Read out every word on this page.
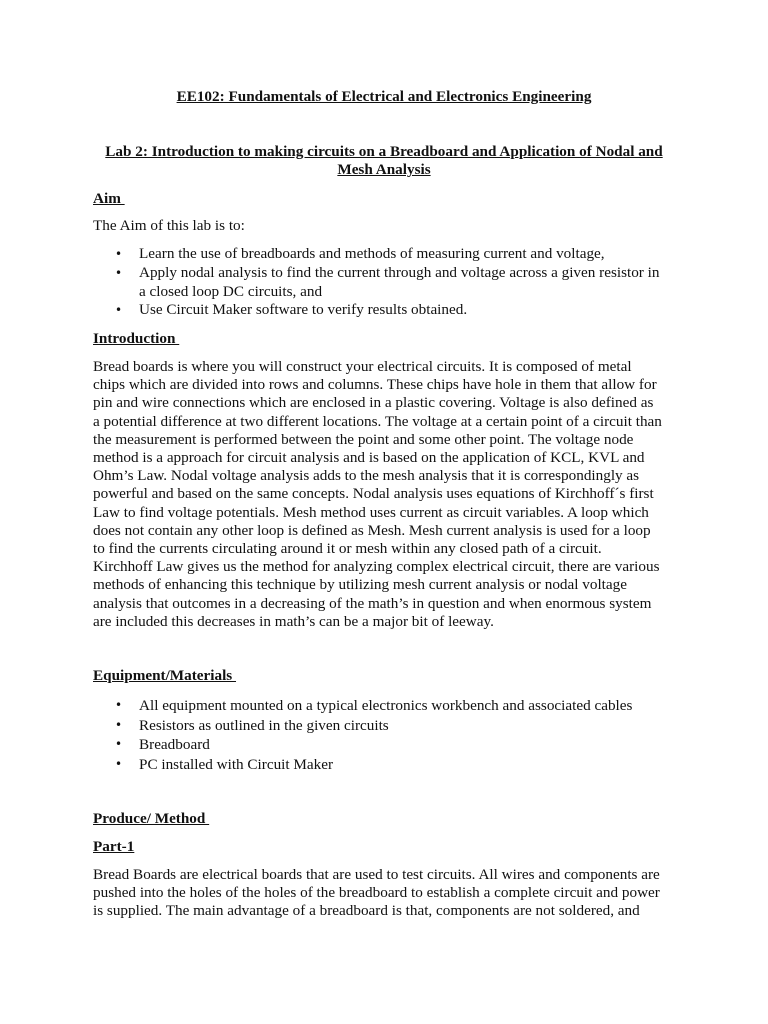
EE102: Fundamentals of Electrical and Electronics Engineering
Lab 2: Introduction to making circuits on a Breadboard and Application of Nodal and
Mesh Analysis
Aim

The Aim of this lab is to:

• Learn the use of breadboards and methods of measuring current and voltage,
• Apply nodal analysis to find the current through and voltage across a given resistor in
a closed loop DC circuits, and
• Use Circuit Maker software to verify results obtained.
Introduction

Bread boards is where you will construct your electrical circuits. It is composed of metal
chips which are divided into rows and columns. These chips have hole in them that allow for
pin and wire connections which are enclosed in a plastic covering. Voltage is also defined as
a potential difference at two different locations. The voltage at a certain point of a circuit than
the measurement is performed between the point and some other point. The voltage node
method is a approach for circuit analysis and is based on the application of KCL, KVL and
Ohm’s Law. Nodal voltage analysis adds to the mesh analysis that it is correspondingly as
powerful and based on the same concepts. Nodal analysis uses equations of Kirchhoff´s first
Law to find voltage potentials. Mesh method uses current as circuit variables. A loop which
does not contain any other loop is defined as Mesh. Mesh current analysis is used for a loop
to find the currents circulating around it or mesh within any closed path of a circuit.
Kirchhoff Law gives us the method for analyzing complex electrical circuit, there are various
methods of enhancing this technique by utilizing mesh current analysis or nodal voltage
analysis that outcomes in a decreasing of the math’s in question and when enormous system
are included this decreases in math’s can be a major bit of leeway.

Equipment/Materials
• All equipment mounted on a typical electronics workbench and associated cables
• Resistors as outlined in the given circuits
• Breadboard
• PC installed with Circuit Maker
Produce/ Method
Part-1

Bread Boards are electrical boards that are used to test circuits. All wires and components are
pushed into the holes of the holes of the breadboard to establish a complete circuit and power
is supplied. The main advantage of a breadboard is that, components are not soldered, and
